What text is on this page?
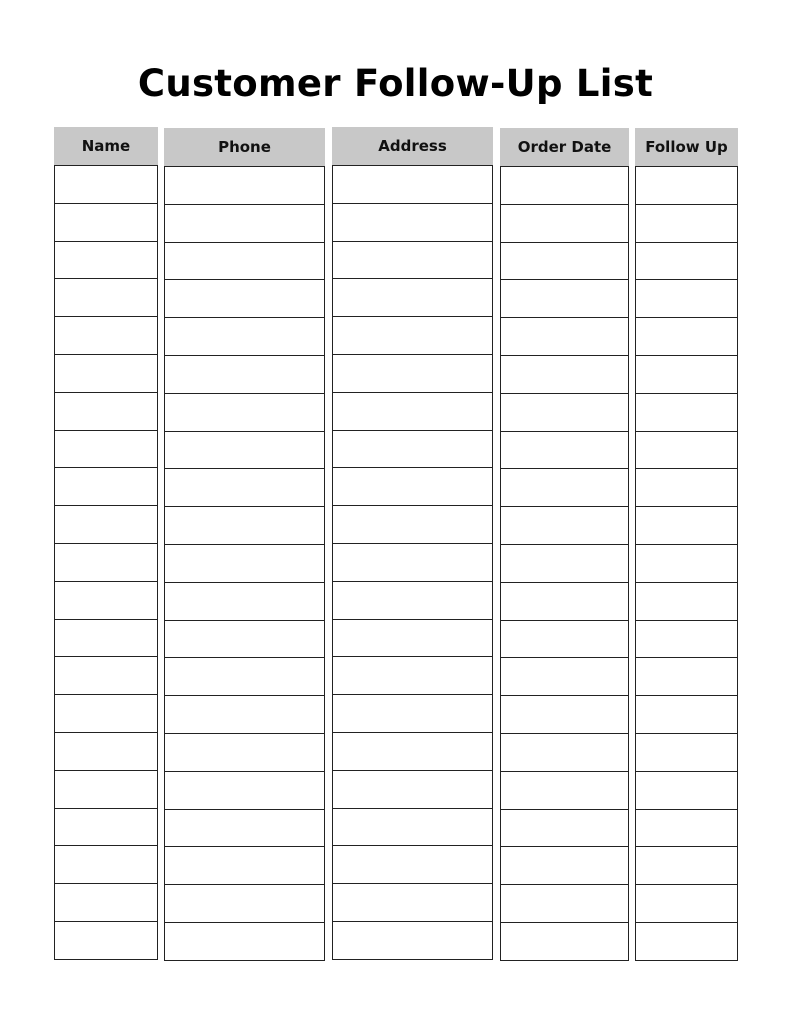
Customer Follow-Up List
Name	Phone	Address	Order Date	Follow Up
